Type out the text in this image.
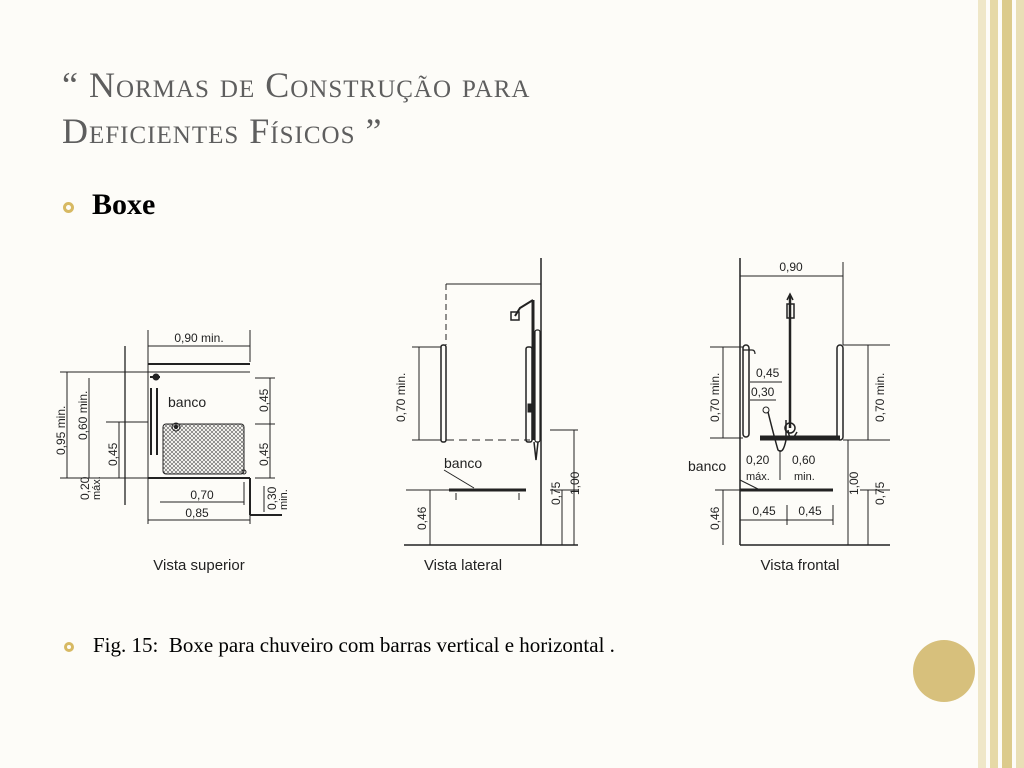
“ Normas de Construção para
Deficientes Físicos ”
Boxe
0,90 min.
0,45
0,45
0,30 min.
0,70
0,85
0,95 min. 0,60 min.
0,45
0,20 máx.
banco
Vista superior
0,70 min.
0,75 1,00
banco
0,46
Vista lateral
0,90
0,70 min.	0,45
0,30	0,70 min.
1,00 0,75
0,20
máx.
0,60
min.
banco
0,45 0,45
0,46
Vista frontal
Fig. 15:  Boxe para chuveiro com barras vertical e horizontal .
